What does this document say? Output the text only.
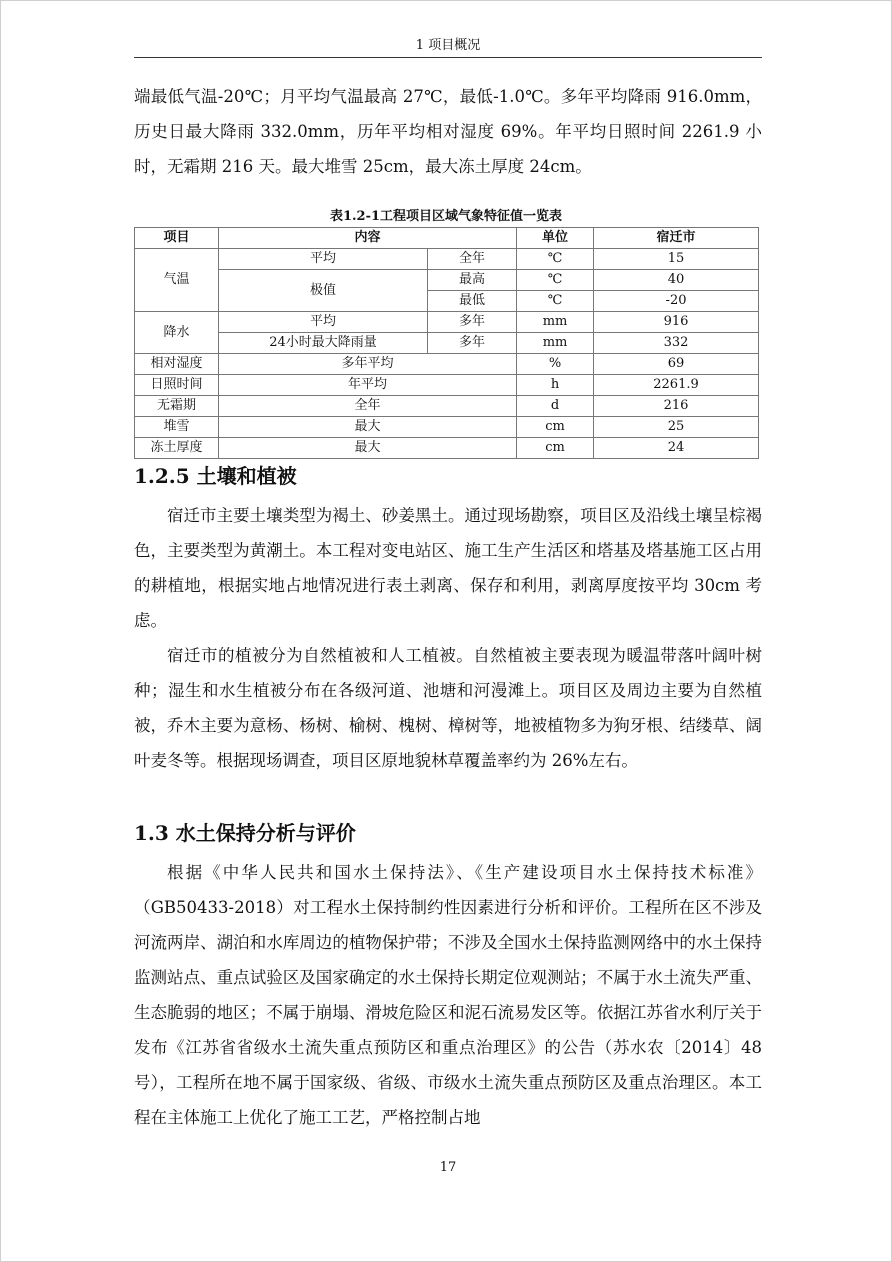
1 项目概况

端最低气温-20℃；月平均气温最高 27℃，最低-1.0℃。多年平均降雨 916.0mm，历史日最大降雨 332.0mm，历年平均相对湿度 69%。年平均日照时间 2261.9 小时，无霜期 216 天。最大堆雪 25cm，最大冻土厚度 24cm。

表1.2-1工程项目区域气象特征值一览表
项目	内容		单位	宿迁市
气温	平均	全年	℃	15
	极值	最高	℃	40
		最低	℃	-20
降水	平均	多年	mm	916
	24小时最大降雨量	多年	mm	332
相对湿度	多年平均		%	69
日照时间	年平均		h	2261.9
无霜期	全年		d	216
堆雪	最大		cm	25
冻土厚度	最大		cm	24
1.2.5 土壤和植被

宿迁市主要土壤类型为褐土、砂姜黑土。通过现场勘察，项目区及沿线土壤呈棕褐色，主要类型为黄潮土。本工程对变电站区、施工生产生活区和塔基及塔基施工区占用的耕植地，根据实地占地情况进行表土剥离、保存和利用，剥离厚度按平均 30cm 考虑。

宿迁市的植被分为自然植被和人工植被。自然植被主要表现为暖温带落叶阔叶树种；湿生和水生植被分布在各级河道、池塘和河漫滩上。项目区及周边主要为自然植被，乔木主要为意杨、杨树、榆树、槐树、樟树等，地被植物多为狗牙根、结缕草、阔叶麦冬等。根据现场调查，项目区原地貌林草覆盖率约为 26%左右。

1.3 水土保持分析与评价

根据《中华人民共和国水土保持法》、《生产建设项目水土保持技术标准》（GB50433-2018）对工程水土保持制约性因素进行分析和评价。工程所在区不涉及河流两岸、湖泊和水库周边的植物保护带；不涉及全国水土保持监测网络中的水土保持监测站点、重点试验区及国家确定的水土保持长期定位观测站；不属于水土流失严重、生态脆弱的地区；不属于崩塌、滑坡危险区和泥石流易发区等。依据江苏省水利厅关于发布《江苏省省级水土流失重点预防区和重点治理区》的公告（苏水农〔2014〕48 号），工程所在地不属于国家级、省级、市级水土流失重点预防区及重点治理区。本工程在主体施工上优化了施工工艺，严格控制占地

17
